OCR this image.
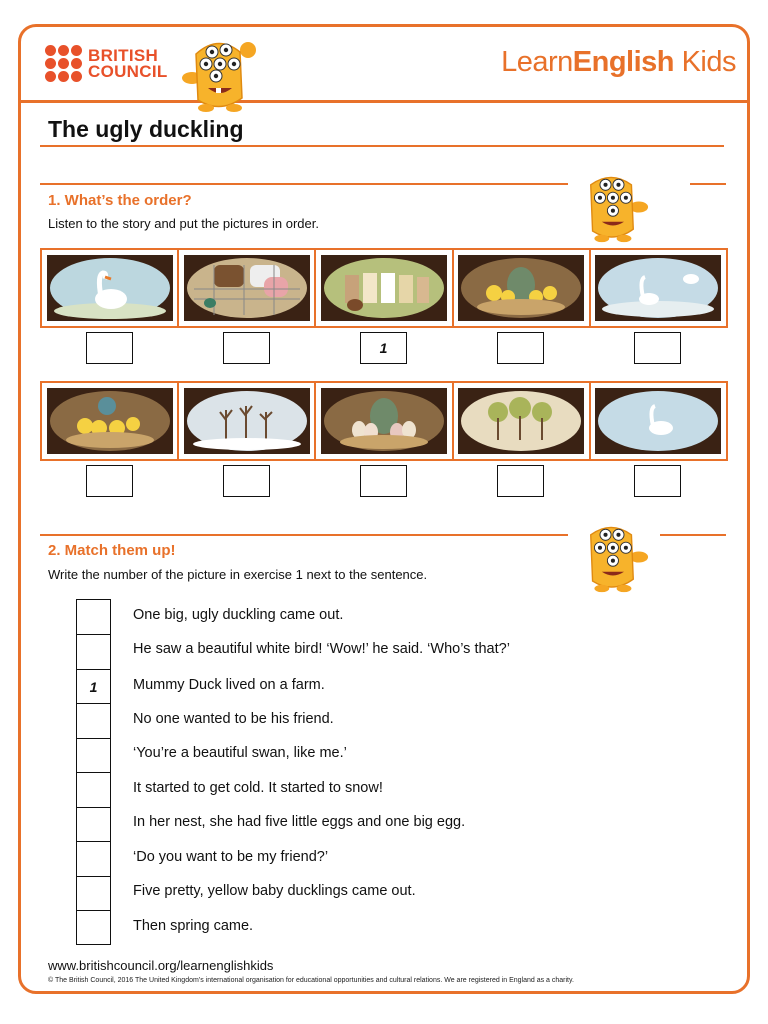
BRITISH
COUNCIL	LearnEnglish Kids
The ugly duckling
1. What’s the order?
Listen to the story and put the pictures in order.
1
2. Match them up!
Write the number of the picture in exercise 1 next to the sentence.
One big, ugly duckling came out.
He saw a beautiful white bird! ‘Wow!’ he said. ‘Who’s that?’
1	Mummy Duck lived on a farm.
No one wanted to be his friend.
‘You’re a beautiful swan, like me.’
It started to get cold. It started to snow!
In her nest, she had five little eggs and one big egg.
‘Do you want to be my friend?’
Five pretty, yellow baby ducklings came out.
Then spring came.
www.britishcouncil.org/learnenglishkids
© The British Council, 2016 The United Kingdom’s international organisation for educational opportunities and cultural relations. We are registered in England as a charity.
